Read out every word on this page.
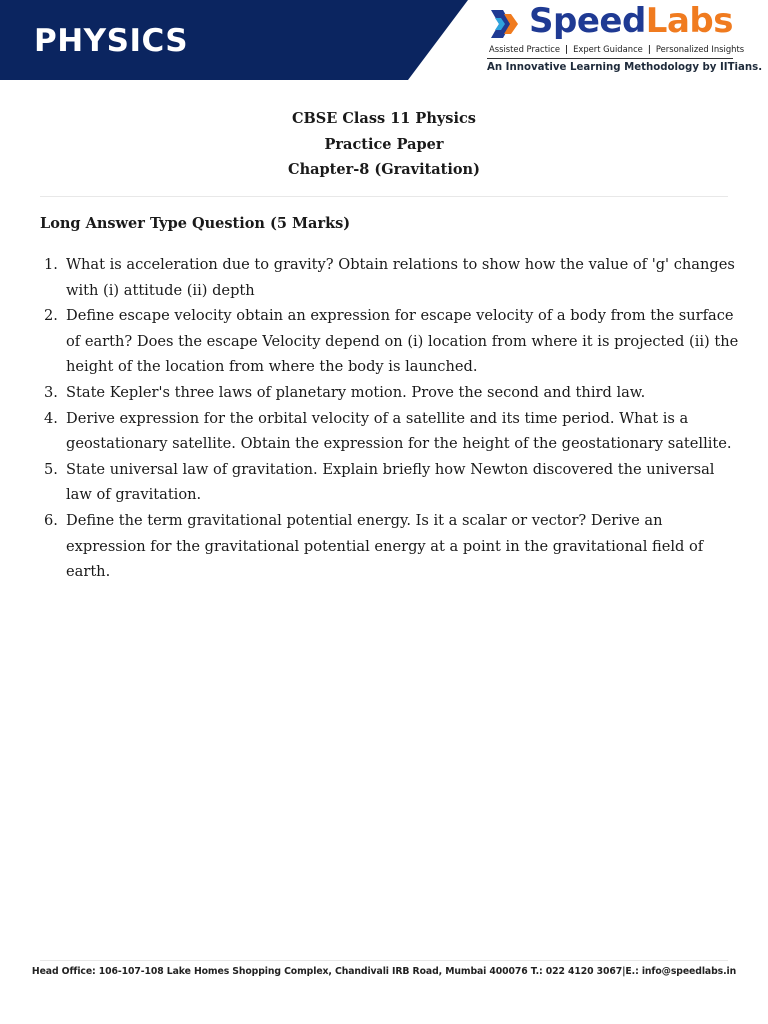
PHYSICS	SpeedLabs
Assisted Practice | Expert Guidance | Personalized Insights
An Innovative Learning Methodology by IITians.

CBSE Class 11 Physics

Practice Paper

Chapter-8 (Gravitation)

Long Answer Type Question (5 Marks)
1. What is acceleration due to gravity? Obtain relations to show how the value of 'g' changes with (i) attitude (ii) depth
2. Define escape velocity obtain an expression for escape velocity of a body from the surface of earth? Does the escape Velocity depend on (i) location from where it is projected (ii) the height of the location from where the body is launched.
3. State Kepler's three laws of planetary motion. Prove the second and third law.
4. Derive expression for the orbital velocity of a satellite and its time period. What is a geostationary satellite. Obtain the expression for the height of the geostationary satellite.
5. State universal law of gravitation. Explain briefly how Newton discovered the universal law of gravitation.
6. Define the term gravitational potential energy. Is it a scalar or vector? Derive an expression for the gravitational potential energy at a point in the gravitational field of earth.
Head Office: 106-107-108 Lake Homes Shopping Complex, Chandivali IRB Road, Mumbai 400076 T.: 022 4120 3067|E.: info@speedlabs.in
